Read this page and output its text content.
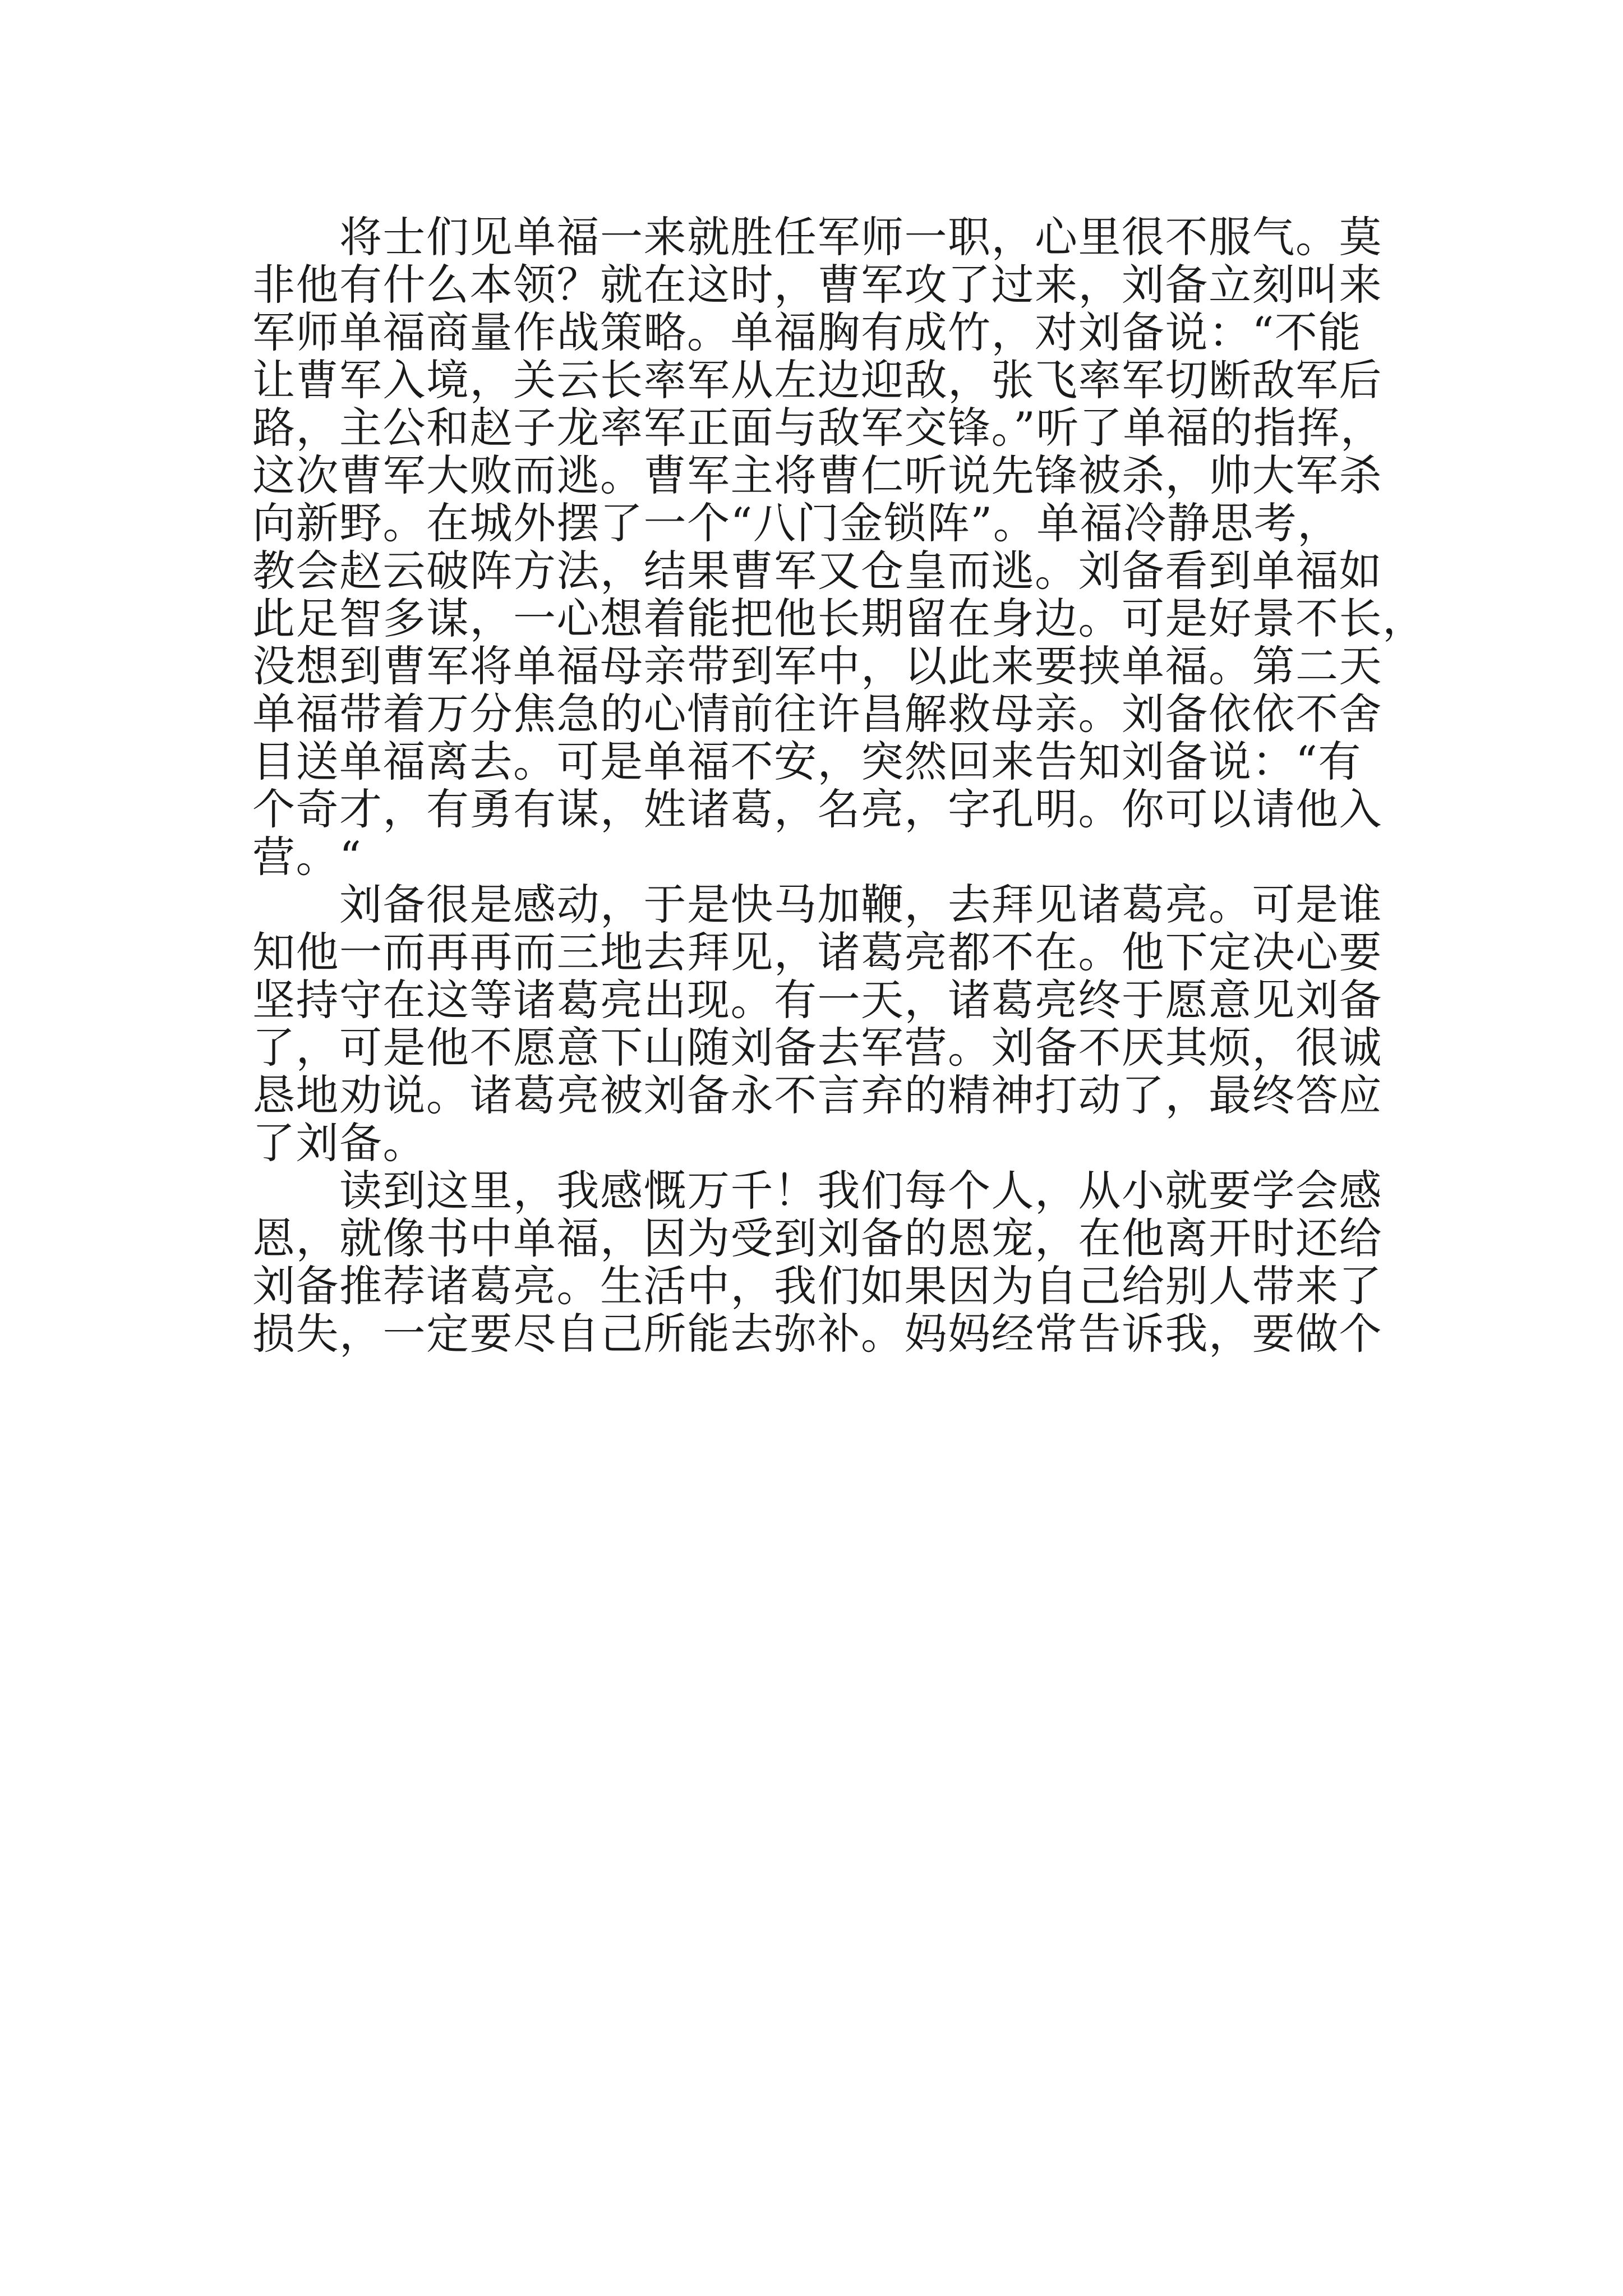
　　将士们见单福一来就胜任军师一职，心里很不服气。莫
非他有什么本领？就在这时，曹军攻了过来，刘备立刻叫来
军师单福商量作战策略。单福胸有成竹，对刘备说：“不能
让曹军入境，关云长率军从左边迎敌，张飞率军切断敌军后
路，主公和赵子龙率军正面与敌军交锋。”听了单福的指挥，
这次曹军大败而逃。曹军主将曹仁听说先锋被杀，帅大军杀
向新野。在城外摆了一个“八门金锁阵”。单福冷静思考，
教会赵云破阵方法，结果曹军又仓皇而逃。刘备看到单福如
此足智多谋，一心想着能把他长期留在身边。可是好景不长，
没想到曹军将单福母亲带到军中，以此来要挟单福。第二天
单福带着万分焦急的心情前往许昌解救母亲。刘备依依不舍
目送单福离去。可是单福不安，突然回来告知刘备说：“有
个奇才，有勇有谋，姓诸葛，名亮，字孔明。你可以请他入
营。“
　　刘备很是感动，于是快马加鞭，去拜见诸葛亮。可是谁
知他一而再再而三地去拜见，诸葛亮都不在。他下定决心要
坚持守在这等诸葛亮出现。有一天，诸葛亮终于愿意见刘备
了，可是他不愿意下山随刘备去军营。刘备不厌其烦，很诚
恳地劝说。诸葛亮被刘备永不言弃的精神打动了，最终答应
了刘备。
　　读到这里，我感慨万千！我们每个人，从小就要学会感
恩，就像书中单福，因为受到刘备的恩宠，在他离开时还给
刘备推荐诸葛亮。生活中，我们如果因为自己给别人带来了
损失，一定要尽自己所能去弥补。妈妈经常告诉我，要做个
